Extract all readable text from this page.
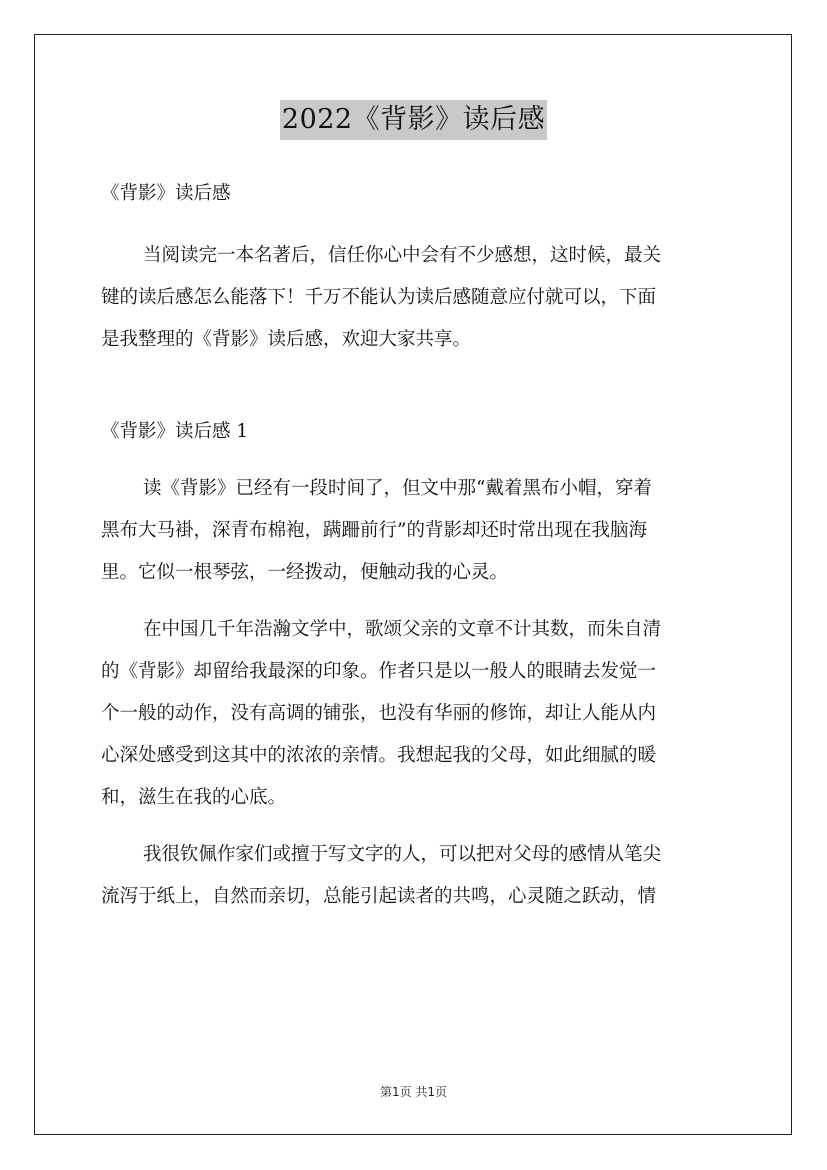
2022《背影》读后感
《背影》读后感
当阅读完一本名著后，信任你心中会有不少感想，这时候，最关
键的读后感怎么能落下！千万不能认为读后感随意应付就可以，下面
是我整理的《背影》读后感，欢迎大家共享。
《背影》读后感 1
读《背影》已经有一段时间了，但文中那“戴着黑布小帽，穿着
黑布大马褂，深青布棉袍，蹒跚前行”的背影却还时常出现在我脑海
里。它似一根琴弦，一经拨动，便触动我的心灵。
在中国几千年浩瀚文学中，歌颂父亲的文章不计其数，而朱自清
的《背影》却留给我最深的印象。作者只是以一般人的眼睛去发觉一
个一般的动作，没有高调的铺张，也没有华丽的修饰，却让人能从内
心深处感受到这其中的浓浓的亲情。我想起我的父母，如此细腻的暖
和，滋生在我的心底。
我很钦佩作家们或擅于写文字的人，可以把对父母的感情从笔尖
流泻于纸上，自然而亲切，总能引起读者的共鸣，心灵随之跃动，情
第1页 共1页
